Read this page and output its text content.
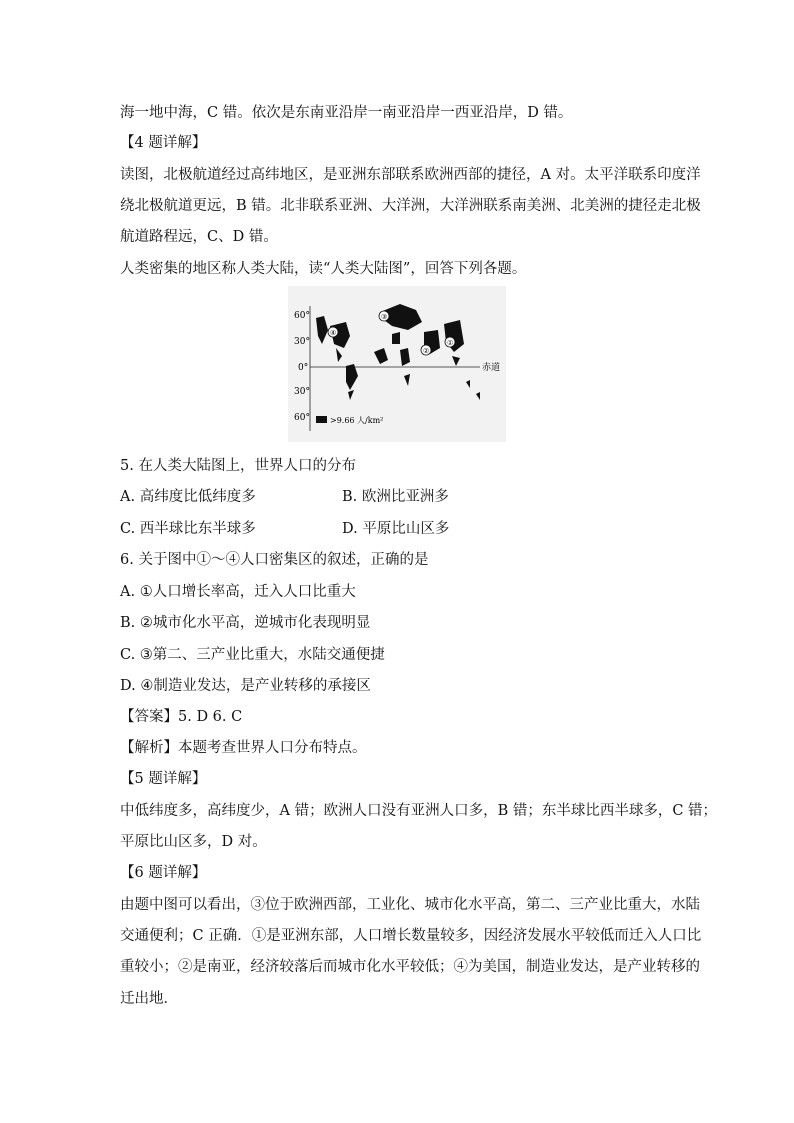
海一地中海，C 错。依次是东南亚沿岸一南亚沿岸一西亚沿岸，D 错。
【4 题详解】
读图，北极航道经过高纬地区，是亚洲东部联系欧洲西部的捷径，A 对。太平洋联系印度洋
绕北极航道更远，B 错。北非联系亚洲、大洋洲，大洋洲联系南美洲、北美洲的捷径走北极
航道路程远，C、D 错。
人类密集的地区称人类大陆，读“人类大陆图”，回答下列各题。
60°
30°
0°
30°
60°
赤道
④
③
②
①
>9.66 人/km²
5. 在人类大陆图上，世界人口的分布
A. 高纬度比低纬度多	B. 欧洲比亚洲多
C. 西半球比东半球多	D. 平原比山区多
6. 关于图中①～④人口密集区的叙述，正确的是
A. ①人口增长率高，迁入人口比重大
B. ②城市化水平高，逆城市化表现明显
C. ③第二、三产业比重大，水陆交通便捷
D. ④制造业发达，是产业转移的承接区
【答案】5. D 6. C
【解析】本题考查世界人口分布特点。
【5 题详解】
中低纬度多，高纬度少，A 错；欧洲人口没有亚洲人口多，B 错；东半球比西半球多，C 错；
平原比山区多，D 对。
【6 题详解】
由题中图可以看出，③位于欧洲西部，工业化、城市化水平高，第二、三产业比重大，水陆
交通便利；C 正确．①是亚洲东部，人口增长数量较多，因经济发展水平较低而迁入人口比
重较小；②是南亚，经济较落后而城市化水平较低；④为美国，制造业发达，是产业转移的
迁出地．
